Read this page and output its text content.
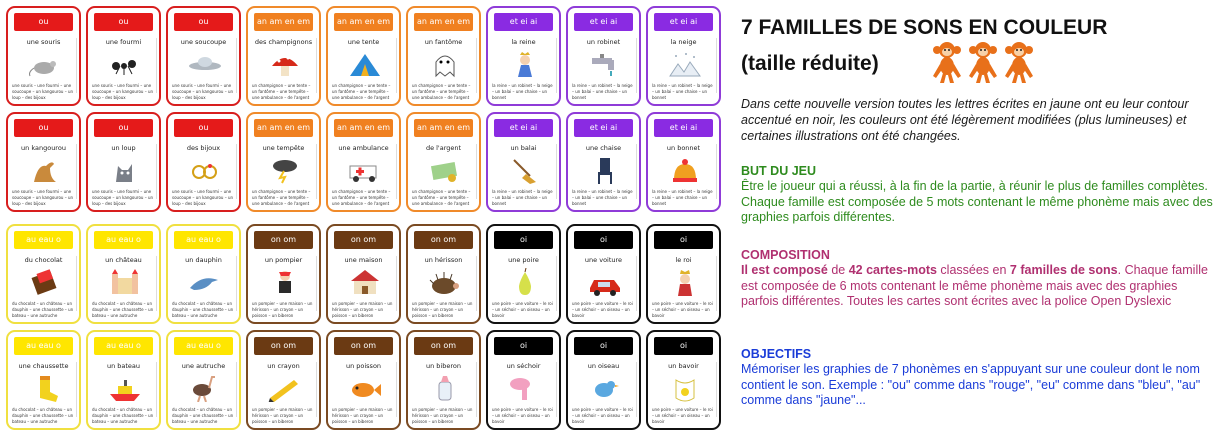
ou
une souris
une souris – une fourmi – une soucoupe – un kangourou – un loup – des bijoux
ou
une fourmi
une souris – une fourmi – une soucoupe – un kangourou – un loup – des bijoux
ou
une soucoupe
une souris – une fourmi – une soucoupe – un kangourou – un loup – des bijoux
ou
un kangourou
une souris – une fourmi – une soucoupe – un kangourou – un loup – des bijoux
ou
un loup
une souris – une fourmi – une soucoupe – un kangourou – un loup – des bijoux
ou
des bijoux
une souris – une fourmi – une soucoupe – un kangourou – un loup – des bijoux
an am en em
des champignons
un champignon – une tente – un fantôme – une tempête – une ambulance – de l'argent
an am en em
une tente
un champignon – une tente – un fantôme – une tempête – une ambulance – de l'argent
an am en em
un fantôme
un champignon – une tente – un fantôme – une tempête – une ambulance – de l'argent
an am en em
une tempête
un champignon – une tente – un fantôme – une tempête – une ambulance – de l'argent
an am en em
une ambulance
un champignon – une tente – un fantôme – une tempête – une ambulance – de l'argent
an am en em
de l'argent
un champignon – une tente – un fantôme – une tempête – une ambulance – de l'argent
et ei ai
la reine
la reine – un robinet – la neige – un balai – une chaise – un bonnet
et ei ai
un robinet
la reine – un robinet – la neige – un balai – une chaise – un bonnet
et ei ai
la neige
la reine – un robinet – la neige – un balai – une chaise – un bonnet
et ei ai
un balai
la reine – un robinet – la neige – un balai – une chaise – un bonnet
et ei ai
une chaise
la reine – un robinet – la neige – un balai – une chaise – un bonnet
et ei ai
un bonnet
la reine – un robinet – la neige – un balai – une chaise – un bonnet
au eau o
du chocolat
du chocolat – un château – un dauphin – une chaussette – un bateau – une autruche
au eau o
un château
du chocolat – un château – un dauphin – une chaussette – un bateau – une autruche
au eau o
un dauphin
du chocolat – un château – un dauphin – une chaussette – un bateau – une autruche
au eau o
une chaussette
du chocolat – un château – un dauphin – une chaussette – un bateau – une autruche
au eau o
un bateau
du chocolat – un château – un dauphin – une chaussette – un bateau – une autruche
au eau o
une autruche
du chocolat – un château – un dauphin – une chaussette – un bateau – une autruche
on om
un pompier
un pompier – une maison – un hérisson – un crayon – un poisson – un biberon
on om
une maison
un pompier – une maison – un hérisson – un crayon – un poisson – un biberon
on om
un hérisson
un pompier – une maison – un hérisson – un crayon – un poisson – un biberon
on om
un crayon
un pompier – une maison – un hérisson – un crayon – un poisson – un biberon
on om
un poisson
un pompier – une maison – un hérisson – un crayon – un poisson – un biberon
on om
un biberon
un pompier – une maison – un hérisson – un crayon – un poisson – un biberon
oi
une poire
une poire – une voiture – le roi – un séchoir – un oiseau – un bavoir
oi
une voiture
une poire – une voiture – le roi – un séchoir – un oiseau – un bavoir
oi
le roi
une poire – une voiture – le roi – un séchoir – un oiseau – un bavoir
oi
un séchoir
une poire – une voiture – le roi – un séchoir – un oiseau – un bavoir
oi
un oiseau
une poire – une voiture – le roi – un séchoir – un oiseau – un bavoir
oi
un bavoir
une poire – une voiture – le roi – un séchoir – un oiseau – un bavoir
7 FAMILLES DE SONS EN COULEUR
(taille réduite)
Dans cette nouvelle version toutes les lettres écrites en jaune ont eu leur contour accentué en noir, les couleurs ont été légèrement modifiées (plus lumineuses) et certaines illustrations ont été changées.
BUT DU JEU
Être le joueur qui a réussi, à la fin de la partie, à réunir le plus de familles complètes. Chaque famille est composée de 5 mots contenant le même phonème mais avec des graphies parfois différentes.
COMPOSITION
Il est composé de 42 cartes-mots classées en 7 familles de sons. Chaque famille est composée de 6 mots contenant le même phonème mais avec des graphies parfois différentes. Toutes les cartes sont écrites avec la police Open Dyslexic
OBJECTIFS
Mémoriser les graphies de 7 phonèmes en s'appuyant sur une couleur dont le nom contient le son. Exemple : "ou" comme dans "rouge", "eu" comme dans "bleu", "au" comme dans "jaune"...
